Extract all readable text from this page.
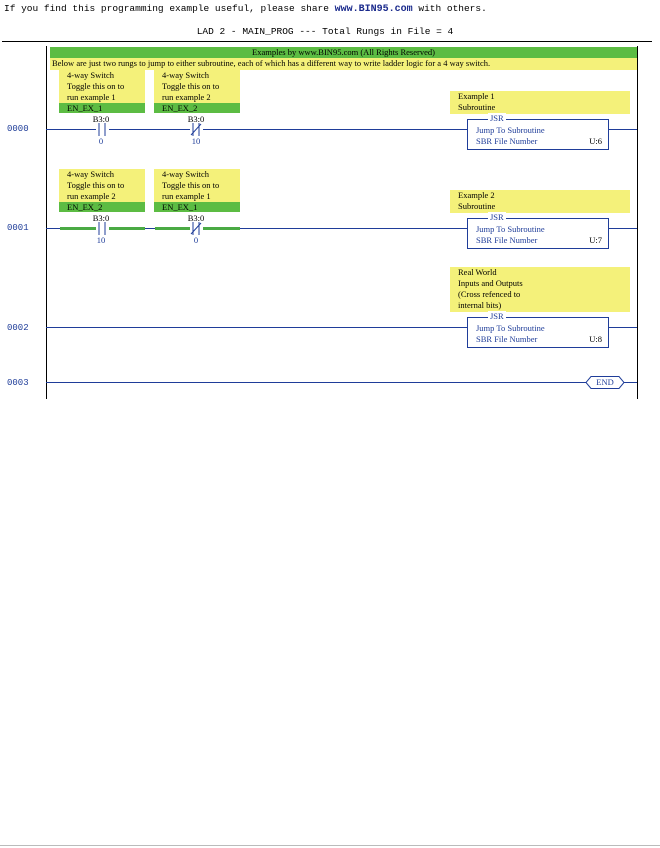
If you find this programming example useful, please share www.BIN95.com with others.
LAD 2 - MAIN_PROG --- Total Rungs in File = 4
Examples by www.BIN95.com (All Rights Reserved)
Below are just two rungs to jump to either subroutine, each of which has a different way to write ladder logic for a 4 way switch.
0000
4-way Switch
Toggle this on to
run example 1
EN_EX_1
B3:0
0
4-way Switch
Toggle this on to
run example 2
EN_EX_2
B3:0
10
Example 1
Subroutine
JSR
Jump To Subroutine
SBR File Number	U:6
0001
4-way Switch
Toggle this on to
run example 2
EN_EX_2
B3:0
10
4-way Switch
Toggle this on to
run example 1
EN_EX_1
B3:0
0
Example 2
Subroutine
JSR
Jump To Subroutine
SBR File Number	U:7
0002
Real World
Inputs and Outputs
(Cross refenced to
internal bits)
JSR
Jump To Subroutine
SBR File Number	U:8
0003	END
